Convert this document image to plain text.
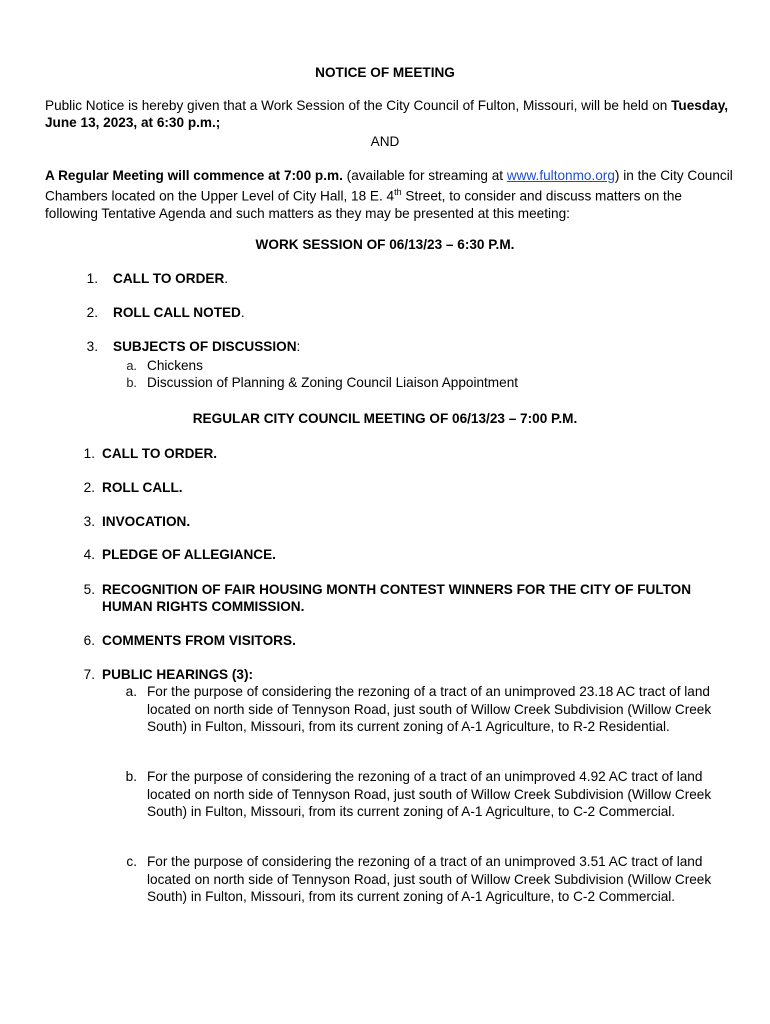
NOTICE OF MEETING
Public Notice is hereby given that a Work Session of the City Council of Fulton, Missouri, will be held on Tuesday, June 13, 2023, at 6:30 p.m.;
AND
A Regular Meeting will commence at 7:00 p.m. (available for streaming at www.fultonmo.org) in the City Council Chambers located on the Upper Level of City Hall, 18 E. 4th Street, to consider and discuss matters on the following Tentative Agenda and such matters as they may be presented at this meeting:
WORK SESSION OF 06/13/23 – 6:30 P.M.
1. CALL TO ORDER.
2. ROLL CALL NOTED.
3. SUBJECTS OF DISCUSSION:
a. Chickens
b. Discussion of Planning & Zoning Council Liaison Appointment
REGULAR CITY COUNCIL MEETING OF 06/13/23 – 7:00 P.M.
1. CALL TO ORDER.
2. ROLL CALL.
3. INVOCATION.
4. PLEDGE OF ALLEGIANCE.
5. RECOGNITION OF FAIR HOUSING MONTH CONTEST WINNERS FOR THE CITY OF FULTON HUMAN RIGHTS COMMISSION.
6. COMMENTS FROM VISITORS.
7. PUBLIC HEARINGS (3):
a. For the purpose of considering the rezoning of a tract of an unimproved 23.18 AC tract of land located on north side of Tennyson Road, just south of Willow Creek Subdivision (Willow Creek South) in Fulton, Missouri, from its current zoning of A-1 Agriculture, to R-2 Residential.
b. For the purpose of considering the rezoning of a tract of an unimproved 4.92 AC tract of land located on north side of Tennyson Road, just south of Willow Creek Subdivision (Willow Creek South) in Fulton, Missouri, from its current zoning of A-1 Agriculture, to C-2 Commercial.
c. For the purpose of considering the rezoning of a tract of an unimproved 3.51 AC tract of land located on north side of Tennyson Road, just south of Willow Creek Subdivision (Willow Creek South) in Fulton, Missouri, from its current zoning of A-1 Agriculture, to C-2 Commercial.
